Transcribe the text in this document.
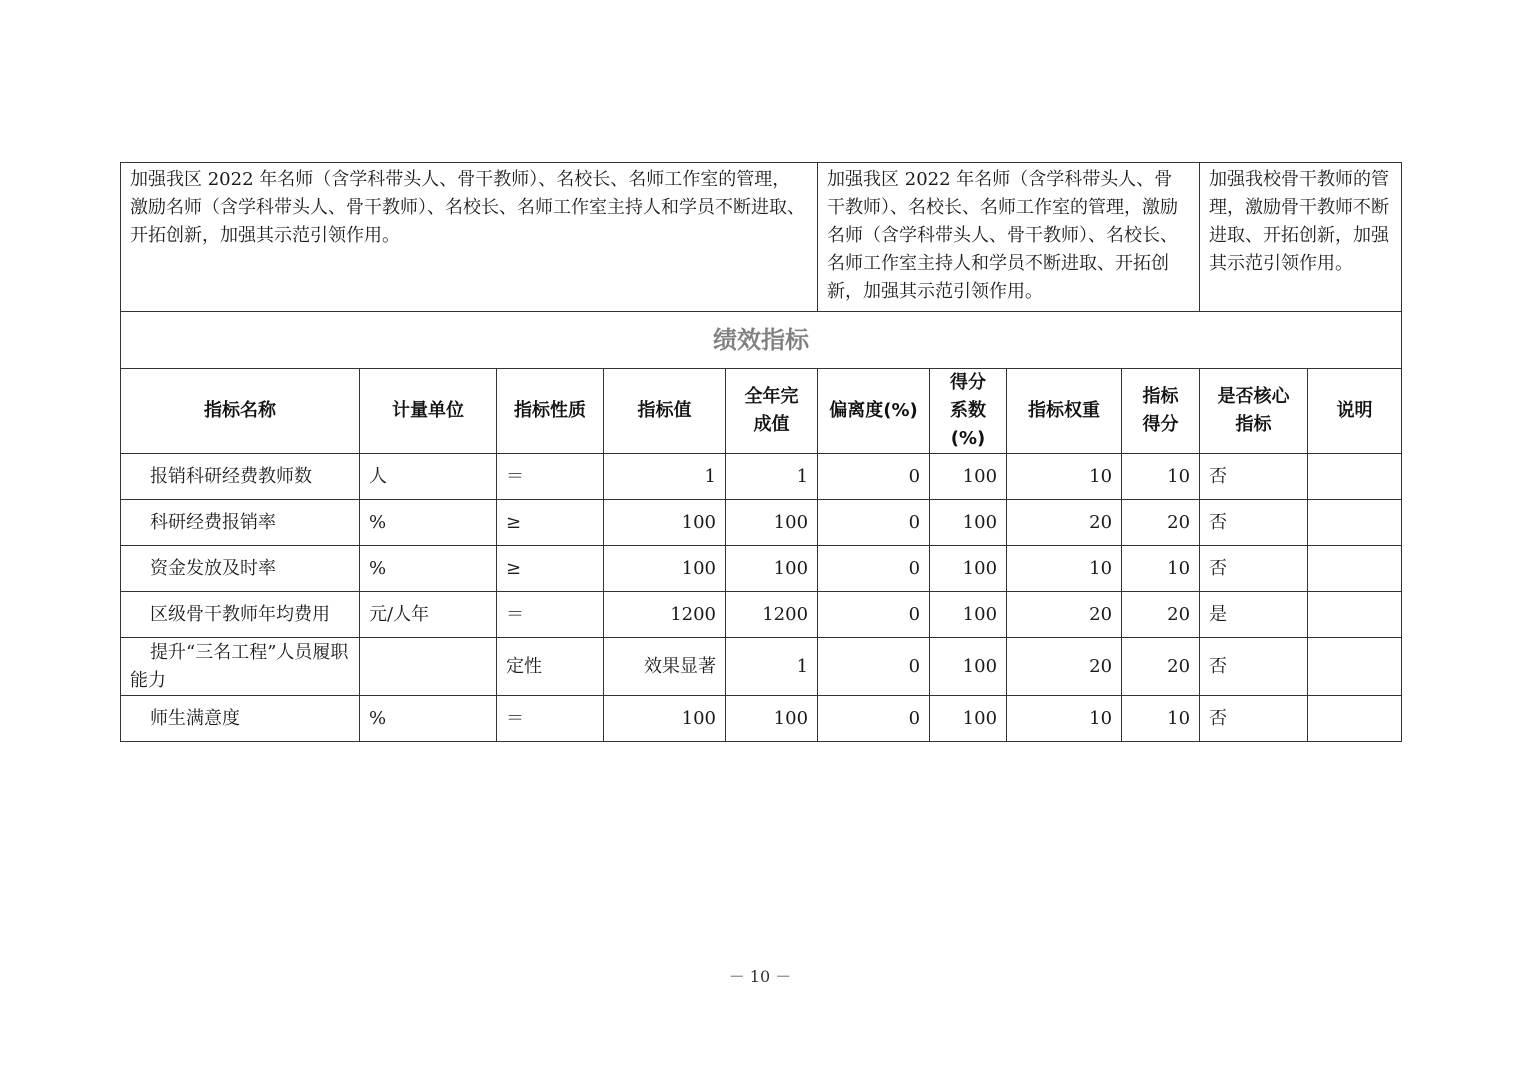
加强我区 2022 年名师（含学科带头人、骨干教师）、名校长、名师工作室的管理，激励名师（含学科带头人、骨干教师）、名校长、名师工作室主持人和学员不断进取、开拓创新，加强其示范引领作用。					加强我区 2022 年名师（含学科带头人、骨干教师）、名校长、名师工作室的管理，激励名师（含学科带头人、骨干教师）、名校长、名师工作室主持人和学员不断进取、开拓创新，加强其示范引领作用。				加强我校骨干教师的管理，激励骨干教师不断进取、开拓创新，加强其示范引领作用。	
绩效指标										
指标名称	计量单位	指标性质	指标值	全年完成值	偏离度(%)	得分系数(%)	指标权重	指标得分	是否核心指标	说明
报销科研经费教师数	人	＝	1	1	0	100	10	10	否	
科研经费报销率	%	≥	100	100	0	100	20	20	否	
资金发放及时率	%	≥	100	100	0	100	10	10	否	
区级骨干教师年均费用	元/人年	＝	1200	1200	0	100	20	20	是	
提升“三名工程”人员履职能力		定性	效果显著	1	0	100	20	20	否	
师生满意度	%	＝	100	100	0	100	10	10	否	
－ 10 －
